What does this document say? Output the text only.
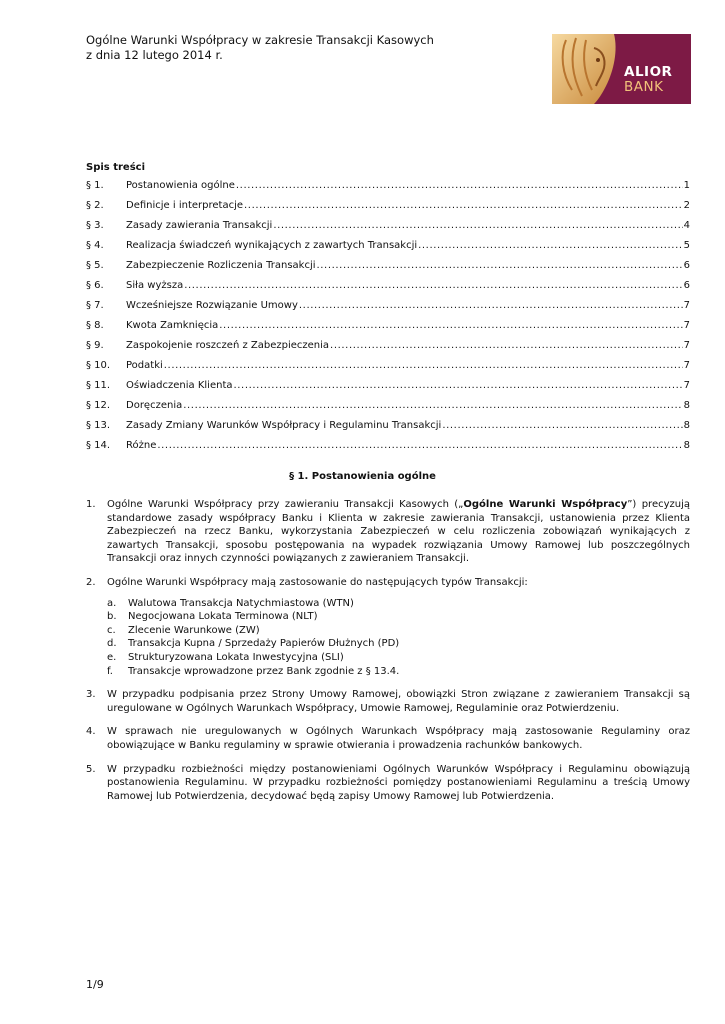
Ogólne Warunki Współpracy w zakresie Transakcji Kasowych
z dnia 12 lutego 2014 r.
ALIOR
BANK
Spis treści
§ 1.	Postanowienia ogólne .....	1
§ 2.	Definicje i interpretacje .....	2
§ 3.	Zasady zawierania Transakcji .....	4
§ 4.	Realizacja świadczeń wynikających z zawartych Transakcji .....	5
§ 5.	Zabezpieczenie Rozliczenia Transakcji .....	6
§ 6.	Siła wyższa .....	6
§ 7.	Wcześniejsze Rozwiązanie Umowy .....	7
§ 8.	Kwota Zamknięcia .....	7
§ 9.	Zaspokojenie roszczeń z Zabezpieczenia .....	7
§ 10.	Podatki .....	7
§ 11.	Oświadczenia Klienta .....	7
§ 12.	Doręczenia .....	8
§ 13.	Zasady Zmiany Warunków Współpracy i Regulaminu Transakcji .....	8
§ 14.	Różne .....	8
§ 1. Postanowienia ogólne
1.	Ogólne Warunki Współpracy przy zawieraniu Transakcji Kasowych („Ogólne Warunki Współpracy”) precyzują standardowe zasady współpracy Banku i Klienta w zakresie zawierania Transakcji, ustanowienia przez Klienta Zabezpieczeń na rzecz Banku, wykorzystania Zabezpieczeń w celu rozliczenia zobowiązań wynikających z zawartych Transakcji, sposobu postępowania na wypadek rozwiązania Umowy Ramowej lub poszczególnych Transakcji oraz innych czynności powiązanych z zawieraniem Transakcji.
2.	Ogólne Warunki Współpracy mają zastosowanie do następujących typów Transakcji:
a.	Walutowa Transakcja Natychmiastowa (WTN)
b.	Negocjowana Lokata Terminowa (NLT)
c.	Zlecenie Warunkowe (ZW)
d.	Transakcja Kupna / Sprzedaży Papierów Dłużnych (PD)
e.	Strukturyzowana Lokata Inwestycyjna (SLI)
f.	Transakcje wprowadzone przez Bank zgodnie z § 13.4.
3.	W przypadku podpisania przez Strony Umowy Ramowej, obowiązki Stron związane z zawieraniem Transakcji są uregulowane w Ogólnych Warunkach Współpracy, Umowie Ramowej, Regulaminie oraz Potwierdzeniu.
4.	W sprawach nie uregulowanych w Ogólnych Warunkach Współpracy mają zastosowanie Regulaminy oraz obowiązujące w Banku regulaminy w sprawie otwierania i prowadzenia rachunków bankowych.
5.	W przypadku rozbieżności między postanowieniami Ogólnych Warunków Współpracy i Regulaminu obowiązują postanowienia Regulaminu. W przypadku rozbieżności pomiędzy postanowieniami Regulaminu a treścią Umowy Ramowej lub Potwierdzenia, decydować będą zapisy Umowy Ramowej lub Potwierdzenia.
1/9
